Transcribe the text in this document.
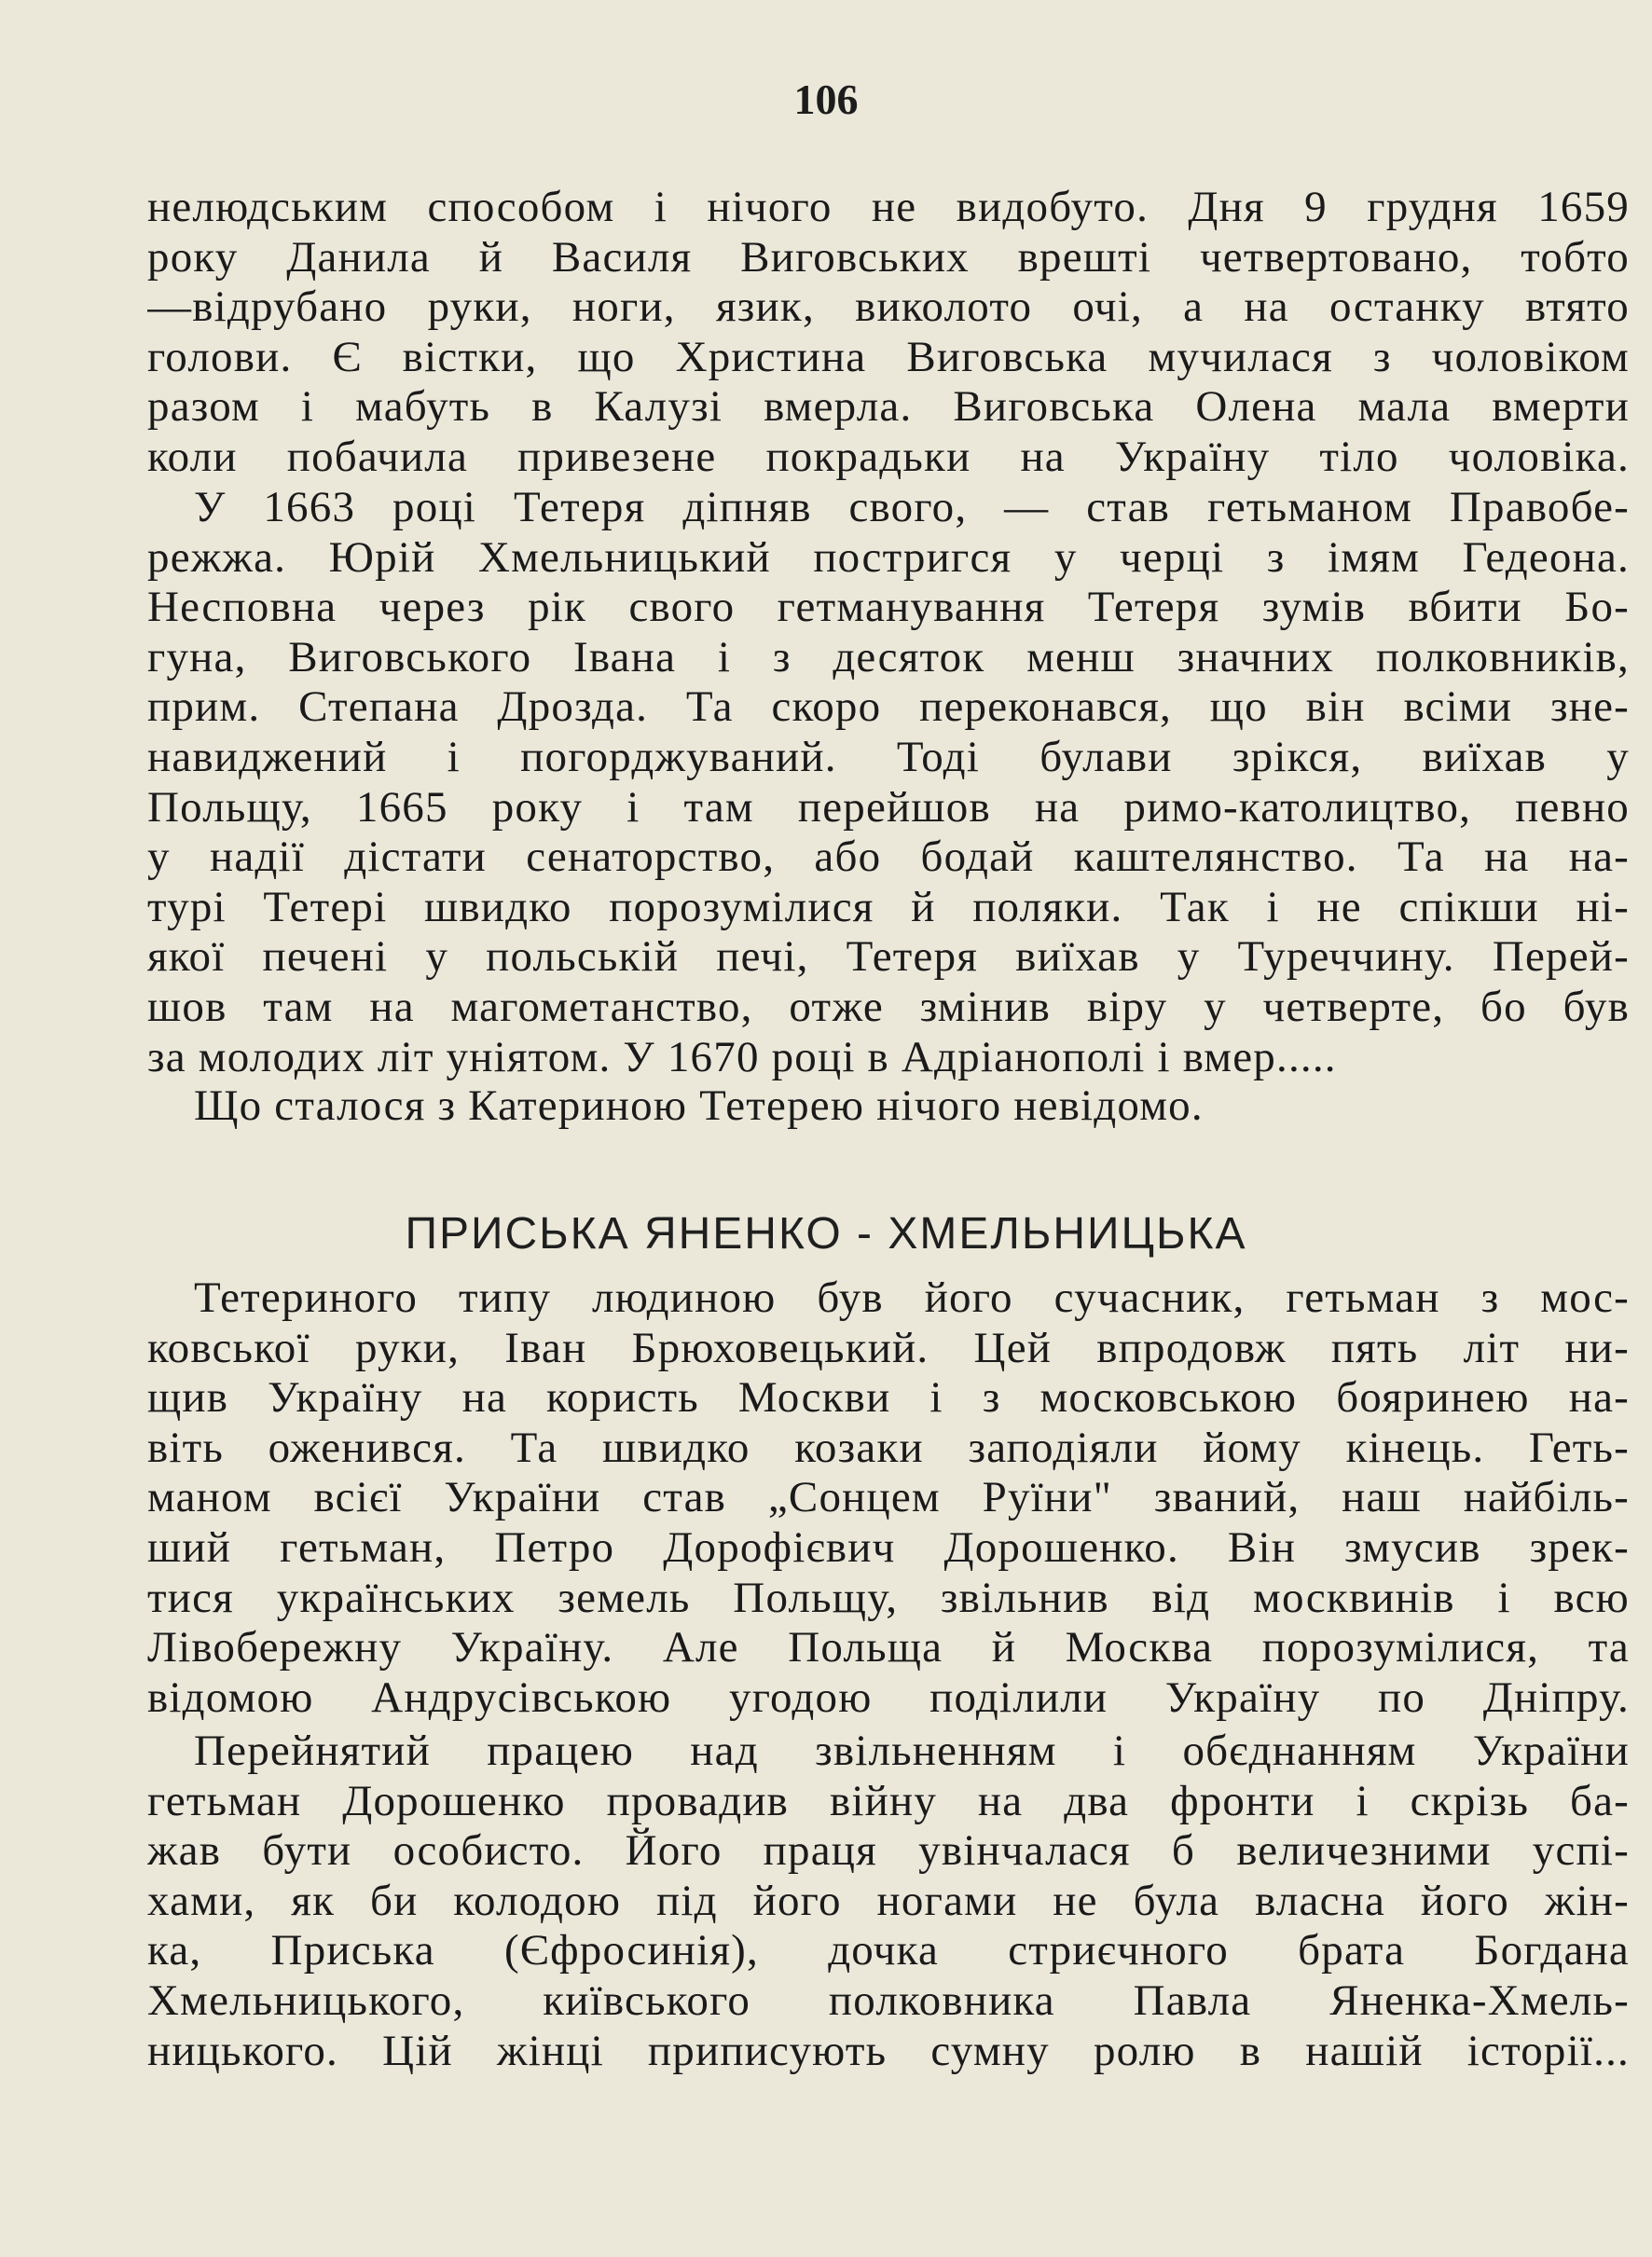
106
нелюдським способом і нічого не видобуто. Дня 9 грудня 1659
року Данила й Василя Виговських врешті четвертовано, тобто
—відрубано руки, ноги, язик, виколото очі, а на останку втято
голови. Є вістки, що Христина Виговська мучилася з чоловіком
разом і мабуть в Калузі вмерла. Виговська Олена мала вмерти
коли побачила привезене покрадьки на Україну тіло чоловіка.
У 1663 році Тетеря діпняв свого, — став гетьманом Правобе-
режжа. Юрій Хмельницький постригся у черці з імям Гедеона.
Несповна через рік свого гетманування Тетеря зумів вбити Бо-
гуна, Виговського Івана і з десяток менш значних полковників,
прим. Степана Дрозда. Та скоро переконався, що він всіми зне-
навиджений і погорджуваний. Тоді булави зрікся, виїхав у
Польщу, 1665 року і там перейшов на римо-католицтво, певно
у надії дістати сенаторство, або бодай каштелянство. Та на на-
турі Тетері швидко порозумілися й поляки. Так і не спікши ні-
якої печені у польській печі, Тетеря виїхав у Туреччину. Перей-
шов там на магометанство, отже змінив віру у четверте, бо був
за молодих літ уніятом. У 1670 році в Адріанополі і вмер.....
Що сталося з Катериною Тетерею нічого невідомо.
ПРИСЬКА ЯНЕНКО - ХМЕЛЬНИЦЬКА
Тетериного типу людиною був його сучасник, гетьман з мос-
ковської руки, Іван Брюховецький. Цей впродовж пять літ ни-
щив Україну на користь Москви і з московською бояринею на-
віть оженився. Та швидко козаки заподіяли йому кінець. Геть-
маном всієї України став „Сонцем Руїни" званий, наш найбіль-
ший гетьман, Петро Дорофієвич Дорошенко. Він змусив зрек-
тися українських земель Польщу, звільнив від москвинів і всю
Лівобережну Україну. Але Польща й Москва порозумілися, та
відомою Андрусівською угодою поділили Україну по Дніпру.
Перейнятий працею над звільненням і обєднанням України
гетьман Дорошенко провадив війну на два фронти і скрізь ба-
жав бути особисто. Його праця увінчалася б величезними успі-
хами, як би колодою під його ногами не була власна його жін-
ка, Приська (Єфросинія), дочка стриєчного брата Богдана
Хмельницького, київського полковника Павла Яненка-Хмель-
ницького. Цій жінці приписують сумну ролю в нашій історії...
